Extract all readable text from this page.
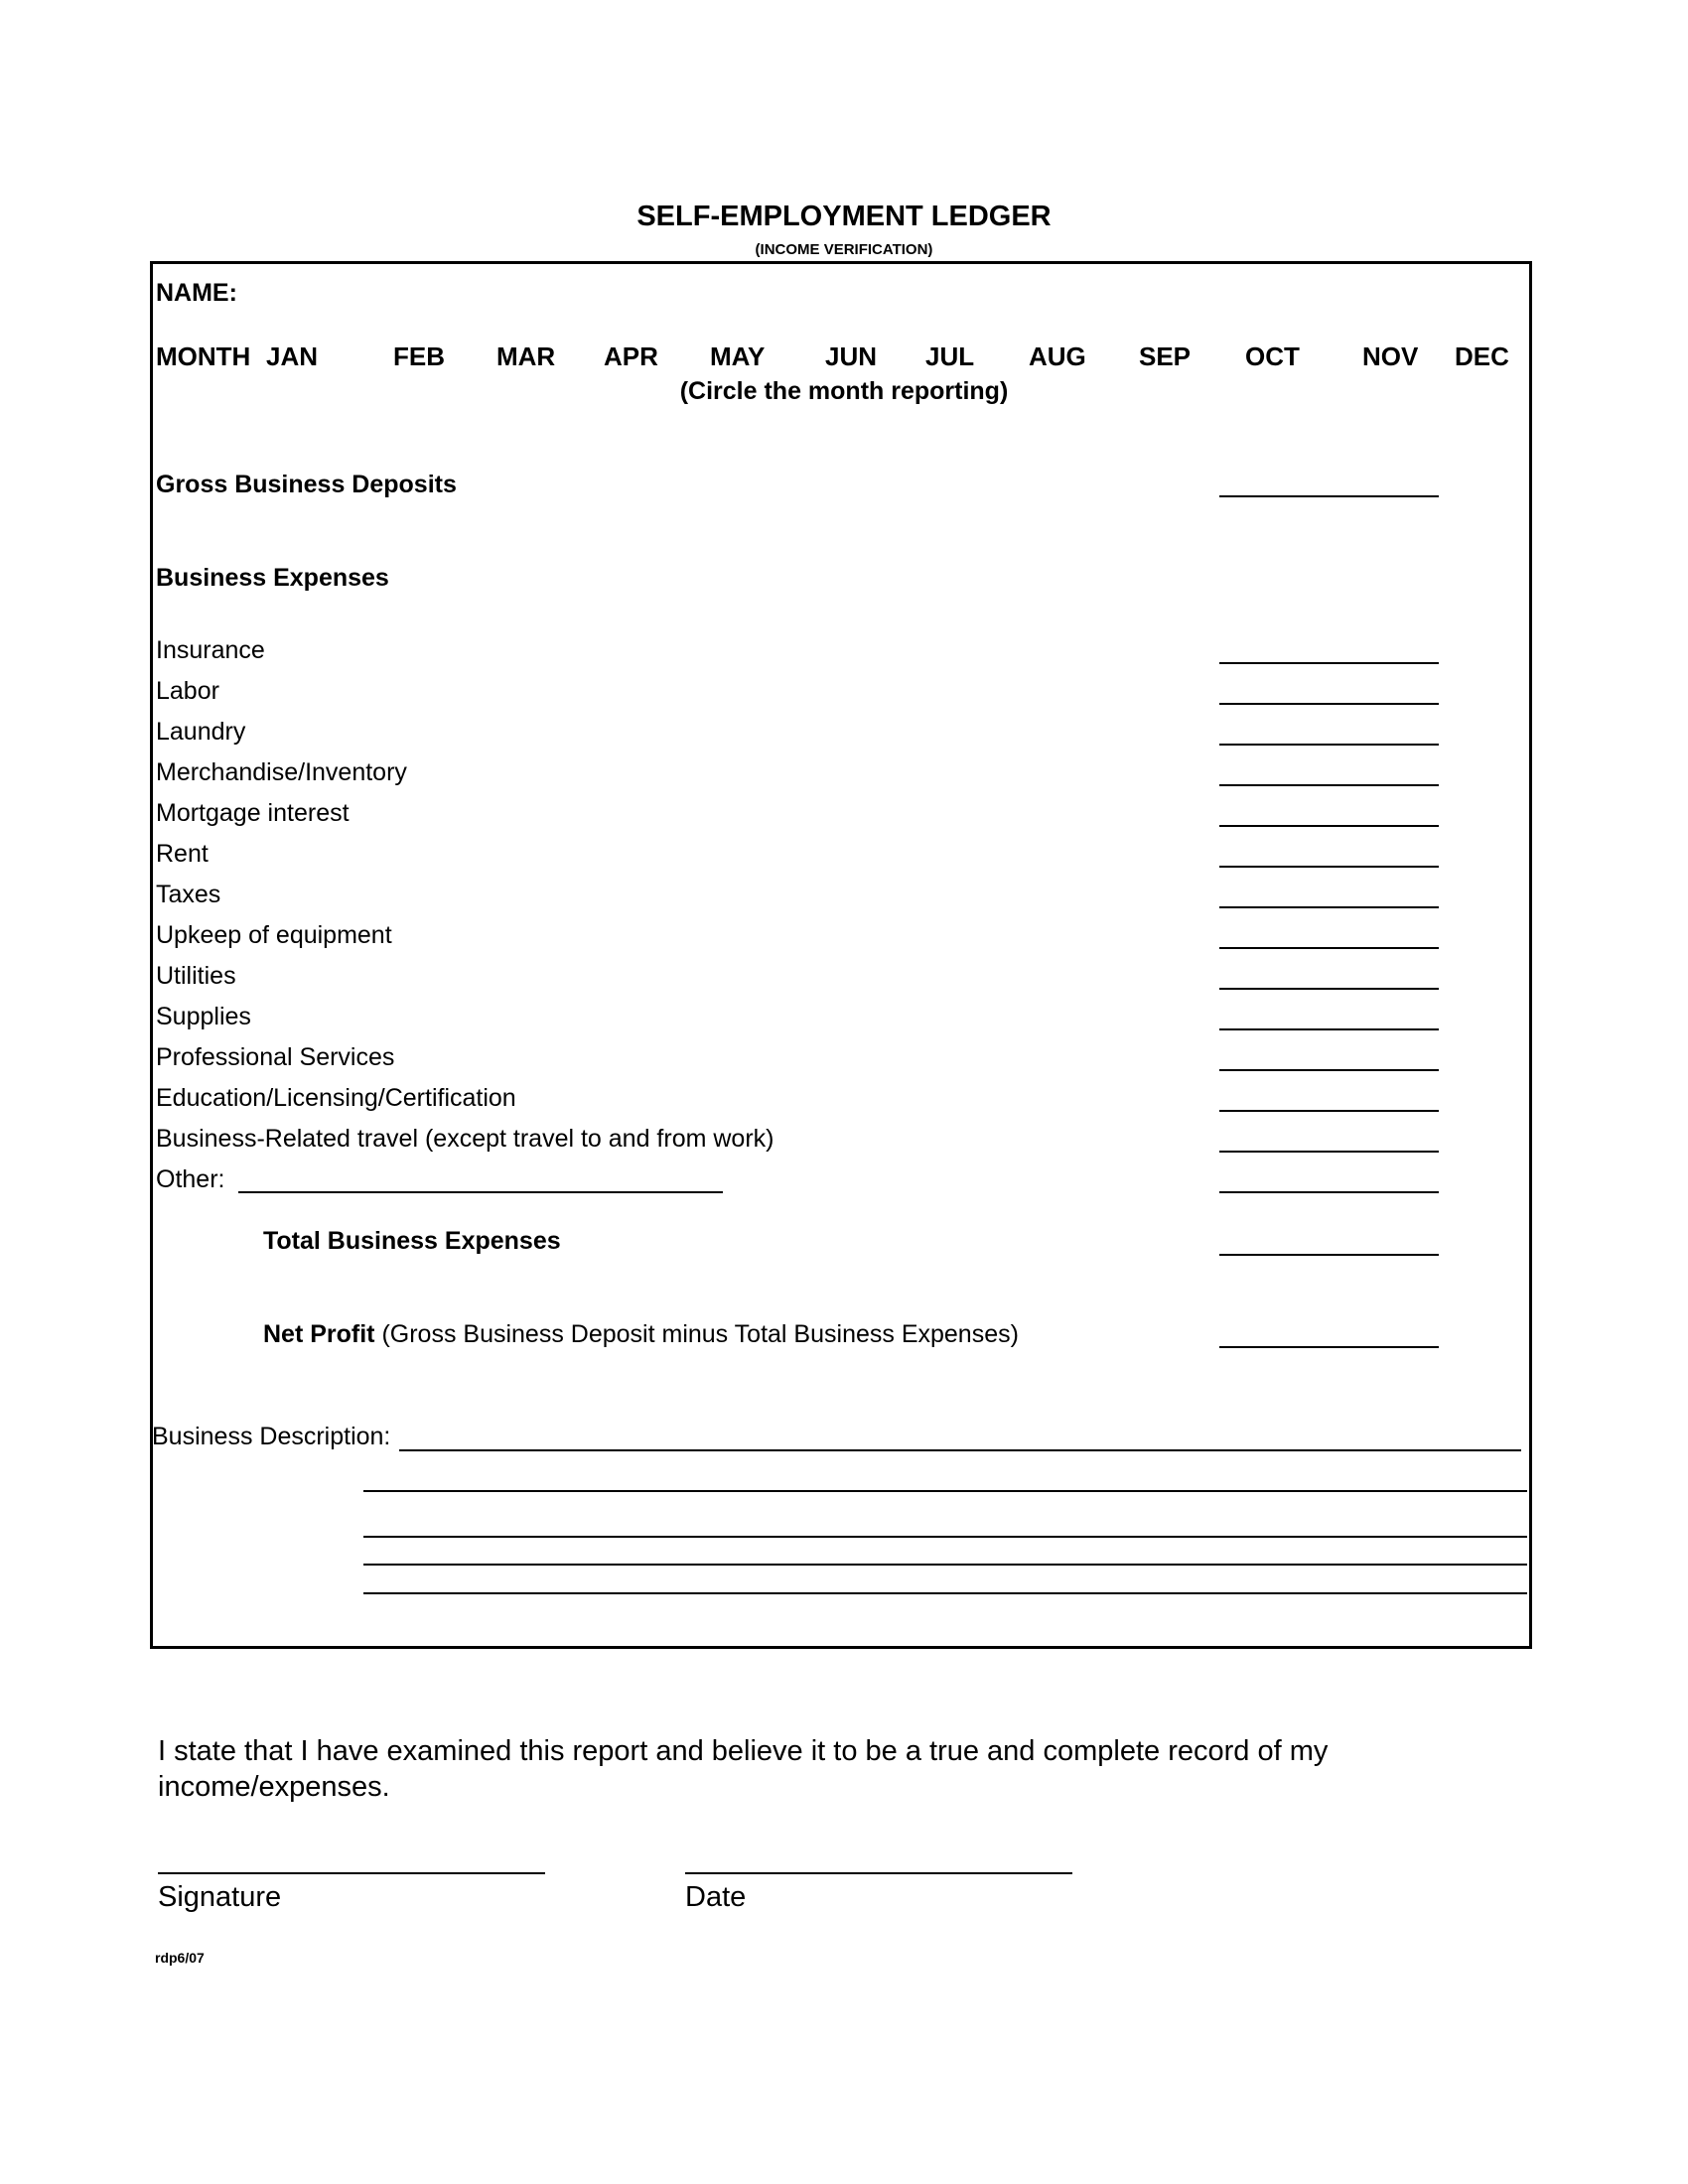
SELF-EMPLOYMENT LEDGER
(INCOME VERIFICATION)
NAME:
MONTH JAN	FEB MAR APR MAY JUN JUL AUG SEP OCT NOV DEC
(Circle the month reporting)
Gross Business Deposits
Business Expenses
Insurance
Labor
Laundry
Merchandise/Inventory
Mortgage interest
Rent
Taxes
Upkeep of equipment
Utilities
Supplies
Professional Services
Education/Licensing/Certification
Business-Related travel (except travel to and from work)
Other:
Total Business Expenses
Net Profit (Gross Business Deposit minus Total Business Expenses)
Business Description:
I state that I have examined this report and believe it to be a true and complete record of my
income/expenses.
Signature	Date
rdp6/07
